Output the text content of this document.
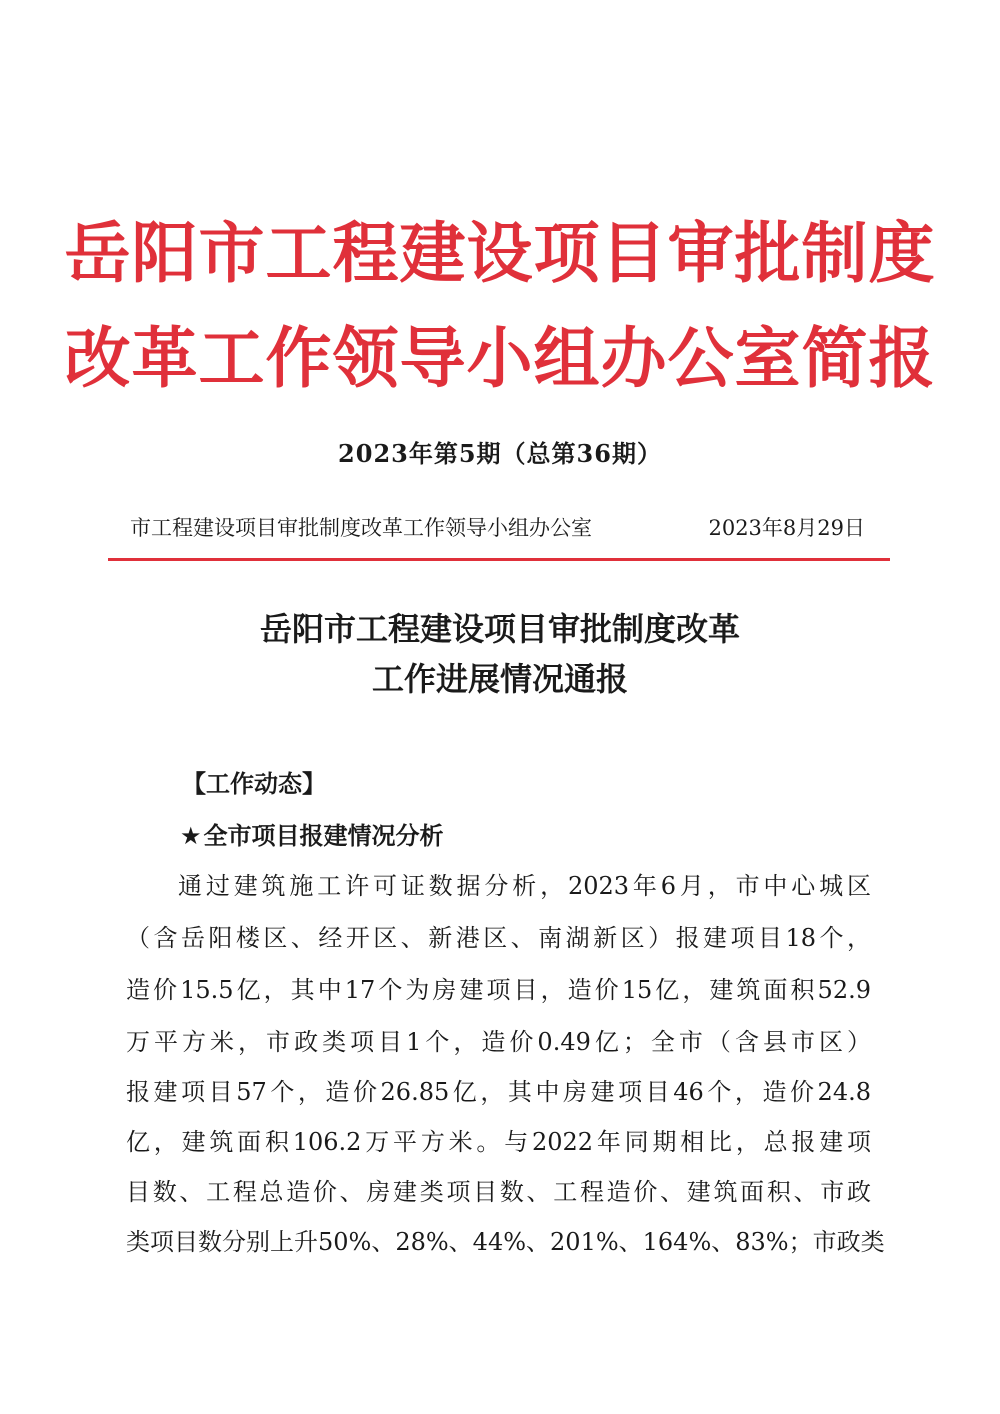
岳阳市工程建设项目审批制度
改革工作领导小组办公室简报
2023年第5期（总第36期）
市工程建设项目审批制度改革工作领导小组办公室	2023年8月29日
岳阳市工程建设项目审批制度改革
工作进展情况通报
【工作动态】
★全市项目报建情况分析
通过建筑施工许可证数据分析，2023年6月，市中心城区
（含岳阳楼区、经开区、新港区、南湖新区）报建项目18个，
造价15.5亿，其中17个为房建项目，造价15亿，建筑面积52.9
万平方米，市政类项目1个，造价0.49亿；全市（含县市区）
报建项目57个，造价26.85亿，其中房建项目46个，造价24.8
亿，建筑面积106.2万平方米。与2022年同期相比，总报建项
目数、工程总造价、房建类项目数、工程造价、建筑面积、市政
类项目数分别上升50%、28%、44%、201%、164%、83%；市政类
